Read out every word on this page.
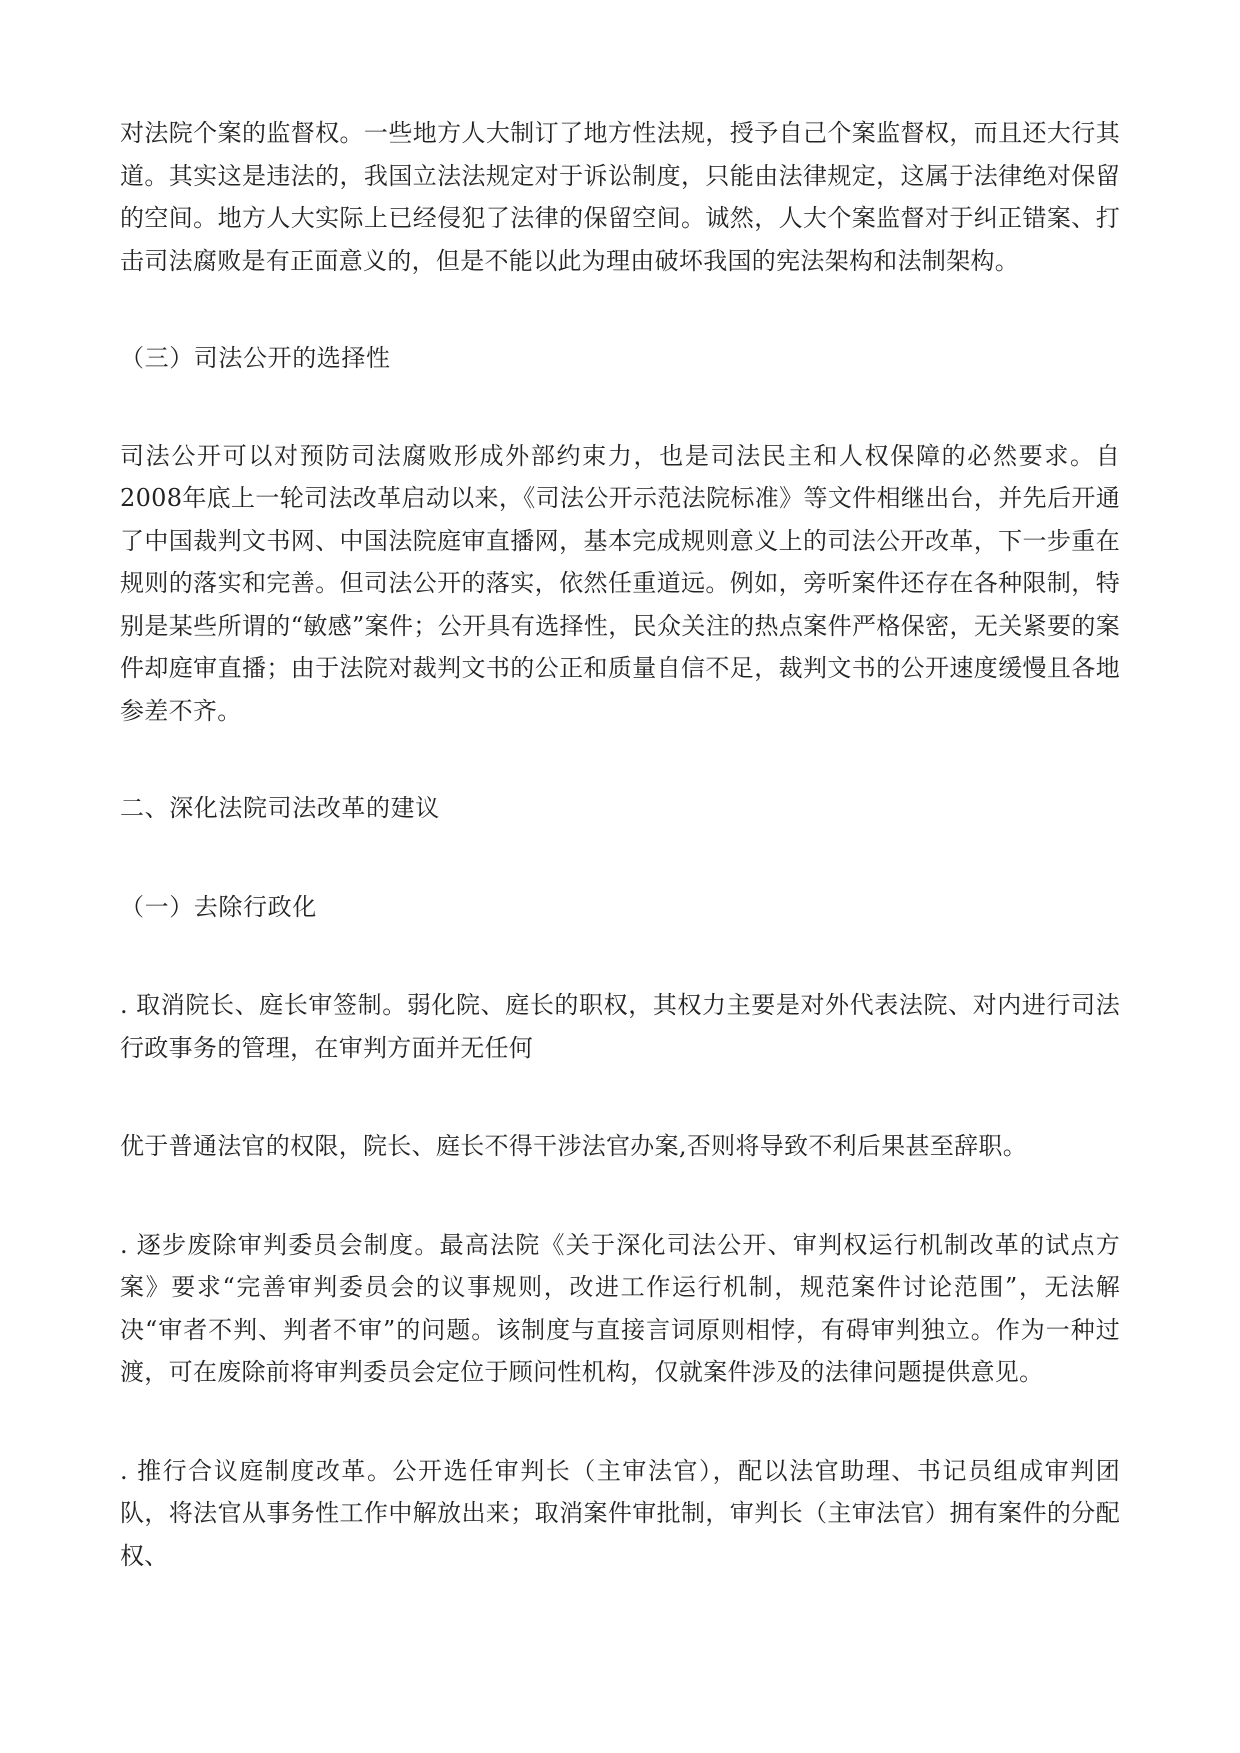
对法院个案的监督权。一些地方人大制订了地方性法规，授予自己个案监督权，而且还大行其道。其实这是违法的，我国立法法规定对于诉讼制度，只能由法律规定，这属于法律绝对保留的空间。地方人大实际上已经侵犯了法律的保留空间。诚然，人大个案监督对于纠正错案、打击司法腐败是有正面意义的，但是不能以此为理由破坏我国的宪法架构和法制架构。

（三）司法公开的选择性

司法公开可以对预防司法腐败形成外部约束力，也是司法民主和人权保障的必然要求。自2008年底上一轮司法改革启动以来，《司法公开示范法院标准》等文件相继出台，并先后开通了中国裁判文书网、中国法院庭审直播网，基本完成规则意义上的司法公开改革，下一步重在规则的落实和完善。但司法公开的落实，依然任重道远。例如，旁听案件还存在各种限制，特别是某些所谓的“敏感”案件；公开具有选择性，民众关注的热点案件严格保密，无关紧要的案件却庭审直播；由于法院对裁判文书的公正和质量自信不足，裁判文书的公开速度缓慢且各地参差不齐。

二、深化法院司法改革的建议

（一）去除行政化

. 取消院长、庭长审签制。弱化院、庭长的职权，其权力主要是对外代表法院、对内进行司法行政事务的管理，在审判方面并无任何

优于普通法官的权限，院长、庭长不得干涉法官办案,否则将导致不利后果甚至辞职。

. 逐步废除审判委员会制度。最高法院《关于深化司法公开、审判权运行机制改革的试点方案》要求“完善审判委员会的议事规则，改进工作运行机制，规范案件讨论范围”，无法解决“审者不判、判者不审”的问题。该制度与直接言词原则相悖，有碍审判独立。作为一种过渡，可在废除前将审判委员会定位于顾问性机构，仅就案件涉及的法律问题提供意见。

. 推行合议庭制度改革。公开选任审判长（主审法官），配以法官助理、书记员组成审判团队，将法官从事务性工作中解放出来；取消案件审批制，审判长（主审法官）拥有案件的分配权、
